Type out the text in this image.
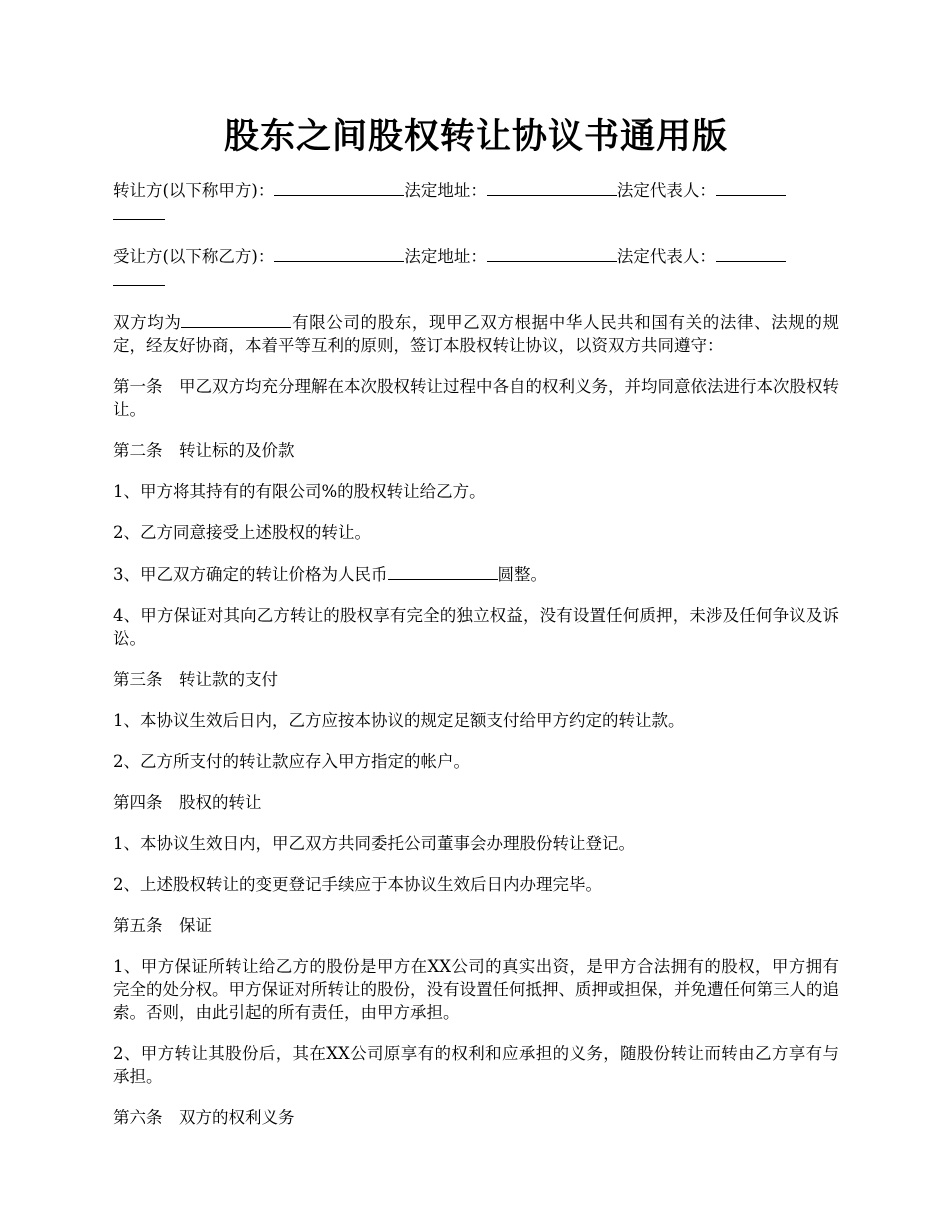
股东之间股权转让协议书通用版

转让方(以下称甲方)：	法定地址：	法定代表人：

受让方(以下称乙方)：	法定地址：	法定代表人：

双方均为	有限公司的股东，现甲乙双方根据中华人民共和国有关的法律、法规的规定，经友好协商，本着平等互利的原则，签订本股权转让协议，以资双方共同遵守：

第一条　甲乙双方均充分理解在本次股权转让过程中各自的权利义务，并均同意依法进行本次股权转让。

第二条　转让标的及价款

1、甲方将其持有的有限公司%的股权转让给乙方。

2、乙方同意接受上述股权的转让。

3、甲乙双方确定的转让价格为人民币	圆整。

4、甲方保证对其向乙方转让的股权享有完全的独立权益，没有设置任何质押，未涉及任何争议及诉讼。

第三条　转让款的支付

1、本协议生效后日内，乙方应按本协议的规定足额支付给甲方约定的转让款。

2、乙方所支付的转让款应存入甲方指定的帐户。

第四条　股权的转让

1、本协议生效日内，甲乙双方共同委托公司董事会办理股份转让登记。

2、上述股权转让的变更登记手续应于本协议生效后日内办理完毕。

第五条　保证

1、甲方保证所转让给乙方的股份是甲方在XX公司的真实出资，是甲方合法拥有的股权，甲方拥有完全的处分权。甲方保证对所转让的股份，没有设置任何抵押、质押或担保，并免遭任何第三人的追索。否则，由此引起的所有责任，由甲方承担。

2、甲方转让其股份后，其在XX公司原享有的权利和应承担的义务，随股份转让而转由乙方享有与承担。

第六条　双方的权利义务
